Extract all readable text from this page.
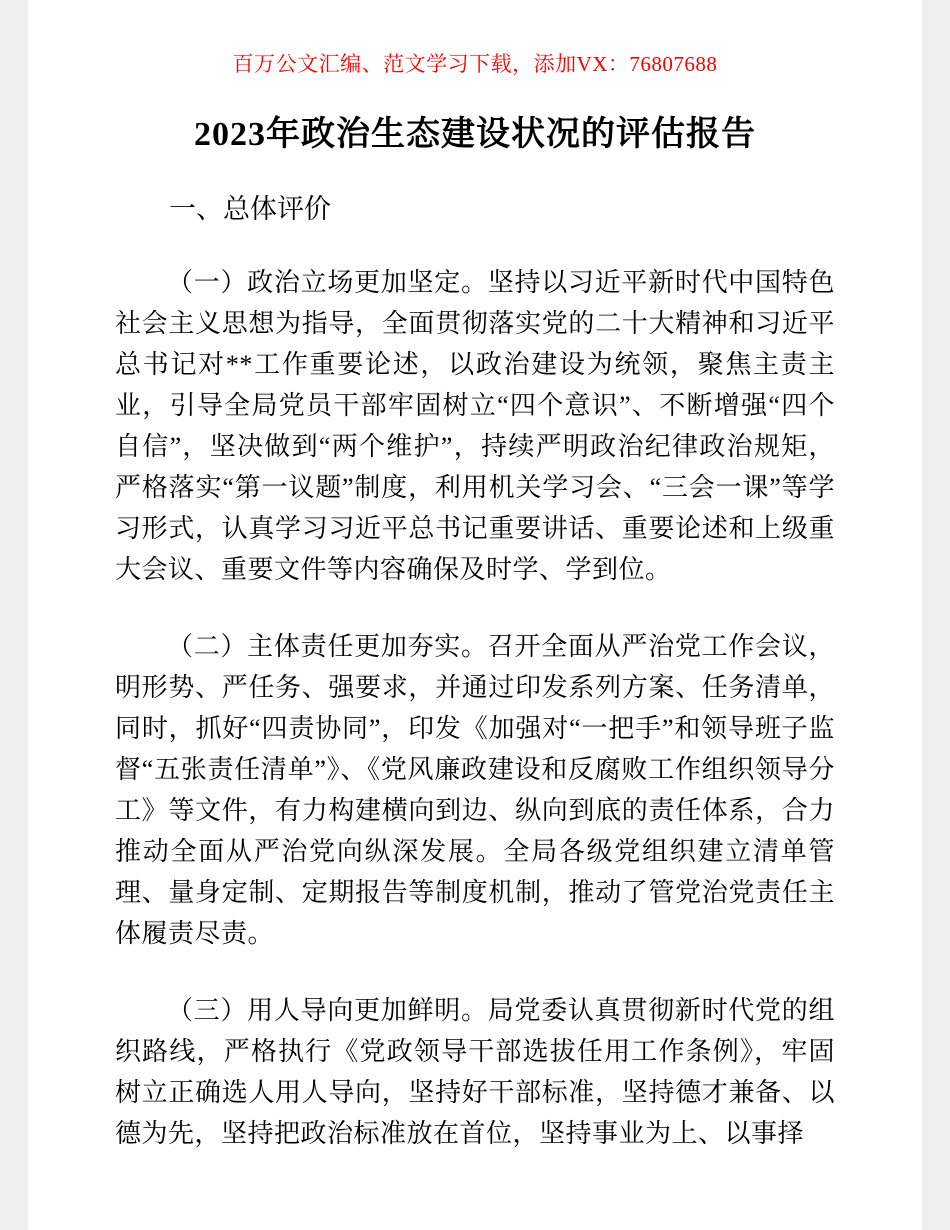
百万公文汇编、范文学习下载，添加VX：76807688

2023年政治生态建设状况的评估报告

一、总体评价

（一）政治立场更加坚定。坚持以习近平新时代中国特色社会主义思想为指导，全面贯彻落实党的二十大精神和习近平总书记对**工作重要论述，以政治建设为统领，聚焦主责主业，引导全局党员干部牢固树立“四个意识”、不断增强“四个自信”，坚决做到“两个维护”，持续严明政治纪律政治规矩，严格落实“第一议题”制度，利用机关学习会、“三会一课”等学习形式，认真学习习近平总书记重要讲话、重要论述和上级重大会议、重要文件等内容确保及时学、学到位。

（二）主体责任更加夯实。召开全面从严治党工作会议，明形势、严任务、强要求，并通过印发系列方案、任务清单，同时，抓好“四责协同”，印发《加强对“一把手”和领导班子监督“五张责任清单”》、《党风廉政建设和反腐败工作组织领导分工》等文件，有力构建横向到边、纵向到底的责任体系，合力推动全面从严治党向纵深发展。全局各级党组织建立清单管理、量身定制、定期报告等制度机制，推动了管党治党责任主体履责尽责。

（三）用人导向更加鲜明。局党委认真贯彻新时代党的组织路线，严格执行《党政领导干部选拔任用工作条例》，牢固树立正确选人用人导向，坚持好干部标准，坚持德才兼备、以德为先，坚持把政治标准放在首位，坚持事业为上、以事择
